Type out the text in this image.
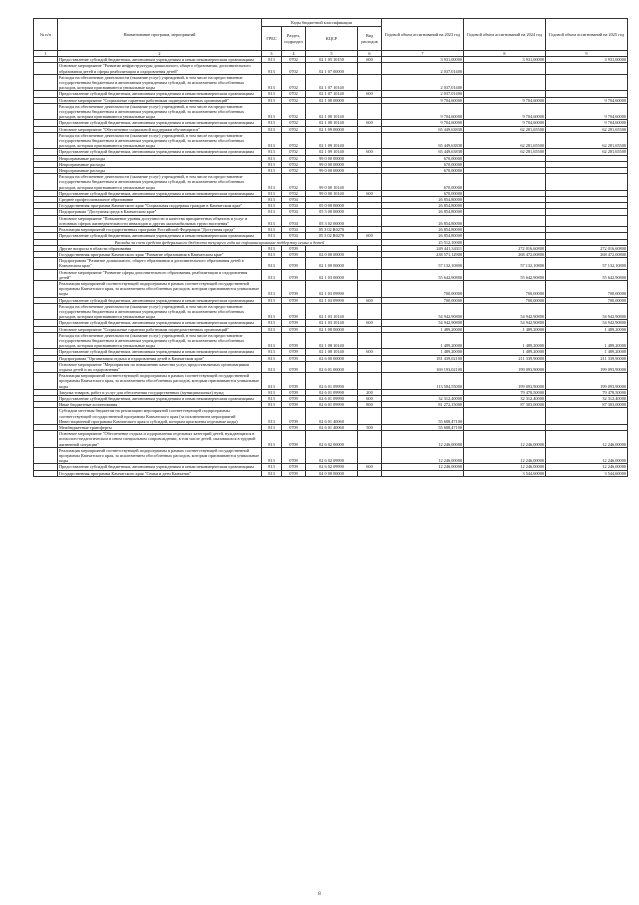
№ п/п	Наименование программ, мероприятий	Коды бюджетной классификации				Годовой объем ассигнований на 2023 год	Годовой объем ассигнований на 2024 год	Годовой объем ассигнований на 2025 год
		ГРБС	Раздел, подраздел	КЦСР	Вид расходов			
1	2	3	4	5	6	7	8	9
	Предоставление субсидий бюджетным, автономным учреждениям и иным некоммерческим организациям	813	0702	02 1 05 10150	600	3 931,00000	3 931,00000	3 931,00000
	Основное мероприятие "Развитие инфраструктуры дошкольного, общего образования, дополнительного образования детей и сферы реабилитации и оздоровления детей"	813	0702	02 1 07 00000		2 037,01400		
	Расходы на обеспечение деятельности (оказание услуг) учреждений, в том числе на предоставление государственным бюджетным и автономным учреждениям субсидий, за исключением обособленных расходов, которым присваиваются уникальные коды	813	0702	02 1 07 10140		2 037,01400		
	Предоставление субсидий бюджетным, автономным учреждениям и иным некоммерческим организациям	813	0702	02 1 07 10140	600	2 037,01400		
	Основное мероприятие "Социальные гарантии работникам подведомственных организаций"	813	0702	02 1 08 00000		9 704,60000	9 704,60000	9 704,60000
	Расходы на обеспечение деятельности (оказание услуг) учреждений, в том числе на предоставление государственным бюджетным и автономным учреждениям субсидий, за исключением обособленных расходов, которым присваиваются уникальные коды	813	0702	02 1 08 10140		9 704,60000	9 704,60000	9 704,60000
	Предоставление субсидий бюджетным, автономным учреждениям и иным некоммерческим организациям	813	0702	02 1 08 10140	600	9 704,60000	9 704,60000	9 704,60000
	Основное мероприятие "Обеспечение социальной поддержки обучающихся"	813	0702	02 1 09 00000		65 449,63838	62 281,65500	62 281,65500
	Расходы на обеспечение деятельности (оказание услуг) учреждений, в том числе на предоставление государственным бюджетным и автономным учреждениям субсидий, за исключением обособленных расходов, которым присваиваются уникальные коды	813	0702	02 1 09 10140		65 449,63838	62 281,65500	62 281,65500
	Предоставление субсидий бюджетным, автономным учреждениям и иным некоммерческим организациям	813	0702	02 1 09 10140	600	65 449,63838	62 281,65500	62 281,65500
	Непрограммные расходы	813	0702	99 0 00 00000		670,00000		
	Непрограммные расходы	813	0702	99 0 00 00000		670,00000		
	Непрограммные расходы	813	0702	99 0 00 00000		670,00000		
	Расходы на обеспечение деятельности (оказание услуг) учреждений, в том числе на предоставление государственным бюджетным и автономным учреждениям субсидий, за исключением обособленных расходов, которым присваиваются уникальные коды	813	0702	99 0 00 10140		670,00000		
	Предоставление субсидий бюджетным, автономным учреждениям и иным некоммерческим организациям	813	0702	99 0 00 10140	600	670,00000		
	Среднее профессиональное образование	813	0704			26 854,80000		
	Государственная программа Камчатского края "Социальная поддержка граждан в Камчатском крае"	813	0704	05 0 00 00000		26 854,80000		
	Подпрограмма "Доступная среда в Камчатском крае"	813	0704	05 3 00 00000		26 854,80000		
	Основное мероприятие "Повышение уровня доступности и качества приоритетных объектов и услуг в основных сферах жизнедеятельности инвалидов и других маломобильных групп населения"	813	0704	05 3 02 00000		26 854,80000		
	Реализация мероприятий государственных программ Российской Федерации "Доступная среда"	813	0704	05 3 02 R0270		26 854,80000		
	Предоставление субсидий бюджетным, автономным учреждениям и иным некоммерческим организациям	813	0704	05 3 02 R0270	600	26 854,80000		
	Расходы за счет средств федерального бюджета текущего года на софинансирование поддержку семьи и детей					25 512,10000		
	Другие вопросы в области образования	813	0709			249 441,34311	272 016,60800	272 016,60800
	Государственная программа Камчатского края "Развитие образования в Камчатском крае"	813	0709	02 0 00 00000		238 571,12900	268 472,00800	268 472,00800
	Подпрограмма "Развитие дошкольного, общего образования и дополнительного образования детей в Камчатском крае"	813	0709	02 1 00 00000		57 132,10800	57 132,10800	57 132,10800
	Основное мероприятие "Развитие сферы дополнительного образования, реабилитации и оздоровления детей"	813	0709	02 1 03 00000		55 642,90800	55 642,90800	55 642,90800
	Реализация мероприятий соответствующей подпрограммы в рамках соответствующей государственной программы Камчатского края, за исключением обособленных расходов, которым присваиваются уникальные коды	813	0709	02 1 03 09990		700,00000	700,00000	700,00000
	Предоставление субсидий бюджетным, автономным учреждениям и иным некоммерческим организациям	813	0709	02 1 03 09990	600	700,00000	700,00000	700,00000
	Расходы на обеспечение деятельности (оказание услуг) учреждений, в том числе на предоставление государственным бюджетным и автономным учреждениям субсидий, за исключением обособленных расходов, которым присваиваются уникальные коды	813	0709	02 1 03 10140		54 942,90800	54 942,90800	54 942,90800
	Предоставление субсидий бюджетным, автономным учреждениям и иным некоммерческим организациям	813	0709	02 1 03 10140	600	54 942,90800	54 942,90800	54 942,90800
	Основное мероприятие "Социальные гарантии работникам подведомственных организаций"	813	0709	02 1 08 00000		1 489,20000	1 489,20000	1 489,20000
	Расходы на обеспечение деятельности (оказание услуг) учреждений, в том числе на предоставление государственным бюджетным и автономным учреждениям субсидий, за исключением обособленных расходов, которым присваиваются уникальные коды	813	0709	02 1 08 10140		1 489,20000	1 489,20000	1 489,20000
	Предоставление субсидий бюджетным, автономным учреждениям и иным некоммерческим организациям	813	0709	02 1 08 10140	600	1 489,20000	1 489,20000	1 489,20000
	Подпрограмма "Организация отдыха и оздоровления детей в Камчатском крае"	813	0709	02 6 00 00000		181 439,02100	211 339,90000	211 339,90000
	Основное мероприятие "Мероприятия по повышению качества услуг, предоставляемых организациями отдыха детей и их оздоровления"	813	0709	02 6 01 00000		169 193,02100	199 093,90000	199 093,90000
	Реализация мероприятий соответствующей подпрограммы в рамках соответствующей государственной программы Камчатского края, за исключением обособленных расходов, которым присваиваются уникальные коды	813	0709	02 6 01 09990		113 584,55000	199 093,90000	199 093,90000
	Закупка товаров, работ и услуг для обеспечения государственных (муниципальных) нужд	813	0709	02 6 01 09990	200		79 478,50000	79 478,50000
	Предоставление субсидий бюджетным, автономным учреждениям и иным некоммерческим организациям	813	0709	02 6 01 09990	600	32 312,40000	32 312,40000	32 312,40000
	Иные бюджетные ассигнования	813	0709	02 6 01 09990	800	81 272,15000	87 303,00000	87 303,00000
	Субсидии местным бюджетам на реализацию мероприятий соответствующей подпрограммы соответствующей государственной программы Камчатского края (за исключением мероприятий Инвестиционной программы Камчатского края и субсидий, которым присвоены отдельные коды)	813	0709	02 6 01 40060		55 608,47100		
	Межбюджетные трансферты	813	0709	02 6 01 40060	500	55 608,47100		
	Основное мероприятие "Обеспечение отдыха и оздоровления отдельных категорий детей, нуждающихся в психолого-педагогическом и ином специальном сопровождении, в том числе детей, оказавшихся в трудной жизненной ситуации"	813	0709	02 6 02 00000		12 246,00000	12 246,00000	12 246,00000
	Реализация мероприятий соответствующей подпрограммы в рамках соответствующей государственной программы Камчатского края, за исключением обособленных расходов, которым присваиваются уникальные коды	813	0709	02 6 02 09990		12 246,00000	12 246,00000	12 246,00000
	Предоставление субсидий бюджетным, автономным учреждениям и иным некоммерческим организациям	813	0709	02 6 02 09990	600	12 246,00000	12 246,00000	12 246,00000
	Государственная программа Камчатского края "Семья и дети Камчатки"	813	0709	04 0 00 00000			3 544,60000	3 544,60000
8
